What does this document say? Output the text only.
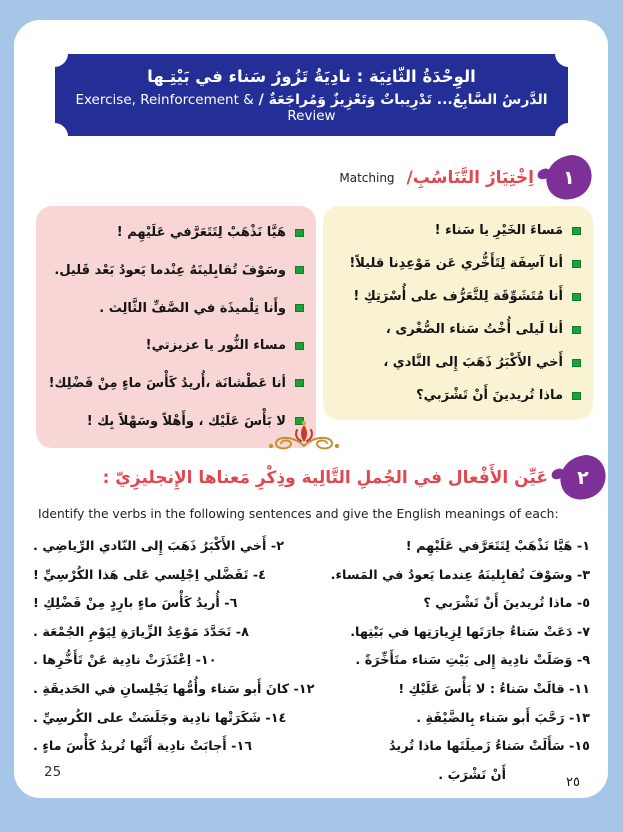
الوِحْدَةُ الثّانِيَة : نادِيَةُ تَزُورُ سَناء في بَيْتِـها
الدَّرسُ السَّابِعُ... تَدْرِيباتٌ وَتَعْزِيزٌ وَمُراجَعَةٌ / Exercise, Reinforcement & Review
Matching اِخْتِيَارُ التَّنَاسُبِ/ ١
مَساءَ الخَيْرِ يا سَناء !
أنا آسِفَة لِتَأَخُّري عَن مَوْعِدِنا قليلاً!
أَنا مُتَشَوِّقَة لِلتَّعَرُّف على أُسْرَتِكِ !
أنا لَيلى أُخْتُ سَناء الصُّغْرى ،
أَخي الأَكْبَرُ ذَهَبَ إِلى النَّادي ،
ماذا تُريدينَ أَنْ تَشْرَبي؟
هَيَّا نَذْهَبْ لِتَتَعَرَّفي عَلَيْهِم !
وسَوْفَ تُقابِلينَهُ عِنْدما يَعودُ بَعْد قَليل.
وأَنا تِلْميذَة في الصَّفِّ الثَّالِث .
مساء النُّور يا عزيزتي!
أنا عَطْشانَة ،أُريدُ كَأْسَ ماءٍ مِنْ فَضْلِك!
لا بَأْسَ عَلَيْك ، وأَهْلاً وسَهْلاً بِك !
عَيِّن الأَفْعال في الجُملِ التَّالِية وذِكْرِ مَعناها الإِنجليزِيّ : ٢
Identify the verbs in the following sentences and give the English meanings of each:
١- هَيَّا نَذْهَبْ لِتَتَعَرَّفي عَلَيْهِم !
٢- أَخي الأَكْبَرُ ذَهَبَ إِلى النّادي الرِّياضِي .
٣- وسَوْفَ تُقابِلينَهُ عِندما يَعودُ في المَساء.
٤- تَفَضَّلي اِجْلِسي عَلى هَذا الكُرْسِيِّ !
٥- ماذا تُريدينَ أَنْ تَشْرَبي ؟
٦- أُريدُ كَأْسَ ماءٍ بارِدٍ مِنْ فَضْلِكِ !
٧- دَعَتْ سَناءُ جارَتَها لِزِيارَتِها في بَيْتِها.
٨- تَحَدَّدَ مَوْعِدُ الزِّيارَةِ لِيَوْمِ الجُمْعَة .
٩- وَصَلَتْ نادِية إِلى بَيْتِ سَناء متَأَخِّرَةً .
١٠- اِعْتَذَرَتْ نادِية عَنْ تَأَخُّرِها .
١١- قالَتْ سَناءُ : لا بَأْسَ عَلَيْكِ !
١٢- كانَ أَبو سَناء وأُمُّها يَجْلِسانِ في الحَديقَةِ .
١٣- رَحَّبَ أَبو سَناء بِالضَّيْفَةِ .
١٤- شَكَرَتْها نادِية وجَلَسَتْ على الكُرسِيِّ .
١٥- سَأَلَتْ سَناءُ زَميلَتَها ماذا تُريدُ
١٦- أَجابَتْ نادِية أَنَّها تُريدُ كَأْسَ ماءٍ .
أَنْ تَشْرَبَ .
25
٢٥
